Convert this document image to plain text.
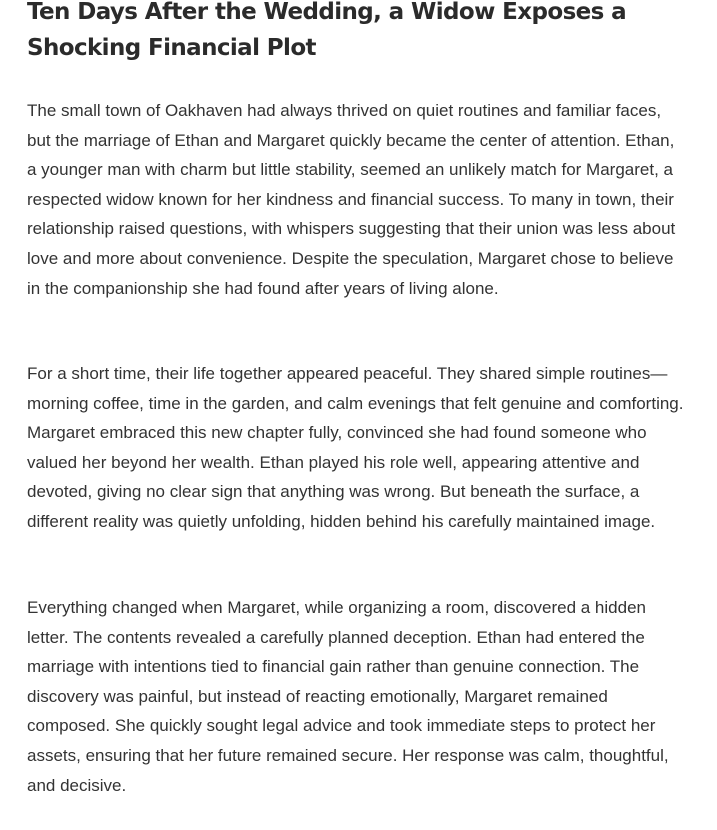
Ten Days After the Wedding, a Widow Exposes a Shocking Financial Plot

The small town of Oakhaven had always thrived on quiet routines and familiar faces, but the marriage of Ethan and Margaret quickly became the center of attention. Ethan, a younger man with charm but little stability, seemed an unlikely match for Margaret, a respected widow known for her kindness and financial success. To many in town, their relationship raised questions, with whispers suggesting that their union was less about love and more about convenience. Despite the speculation, Margaret chose to believe in the companionship she had found after years of living alone.

For a short time, their life together appeared peaceful. They shared simple routines—morning coffee, time in the garden, and calm evenings that felt genuine and comforting. Margaret embraced this new chapter fully, convinced she had found someone who valued her beyond her wealth. Ethan played his role well, appearing attentive and devoted, giving no clear sign that anything was wrong. But beneath the surface, a different reality was quietly unfolding, hidden behind his carefully maintained image.

Everything changed when Margaret, while organizing a room, discovered a hidden letter. The contents revealed a carefully planned deception. Ethan had entered the marriage with intentions tied to financial gain rather than genuine connection. The discovery was painful, but instead of reacting emotionally, Margaret remained composed. She quickly sought legal advice and took immediate steps to protect her assets, ensuring that her future remained secure. Her response was calm, thoughtful, and decisive.
